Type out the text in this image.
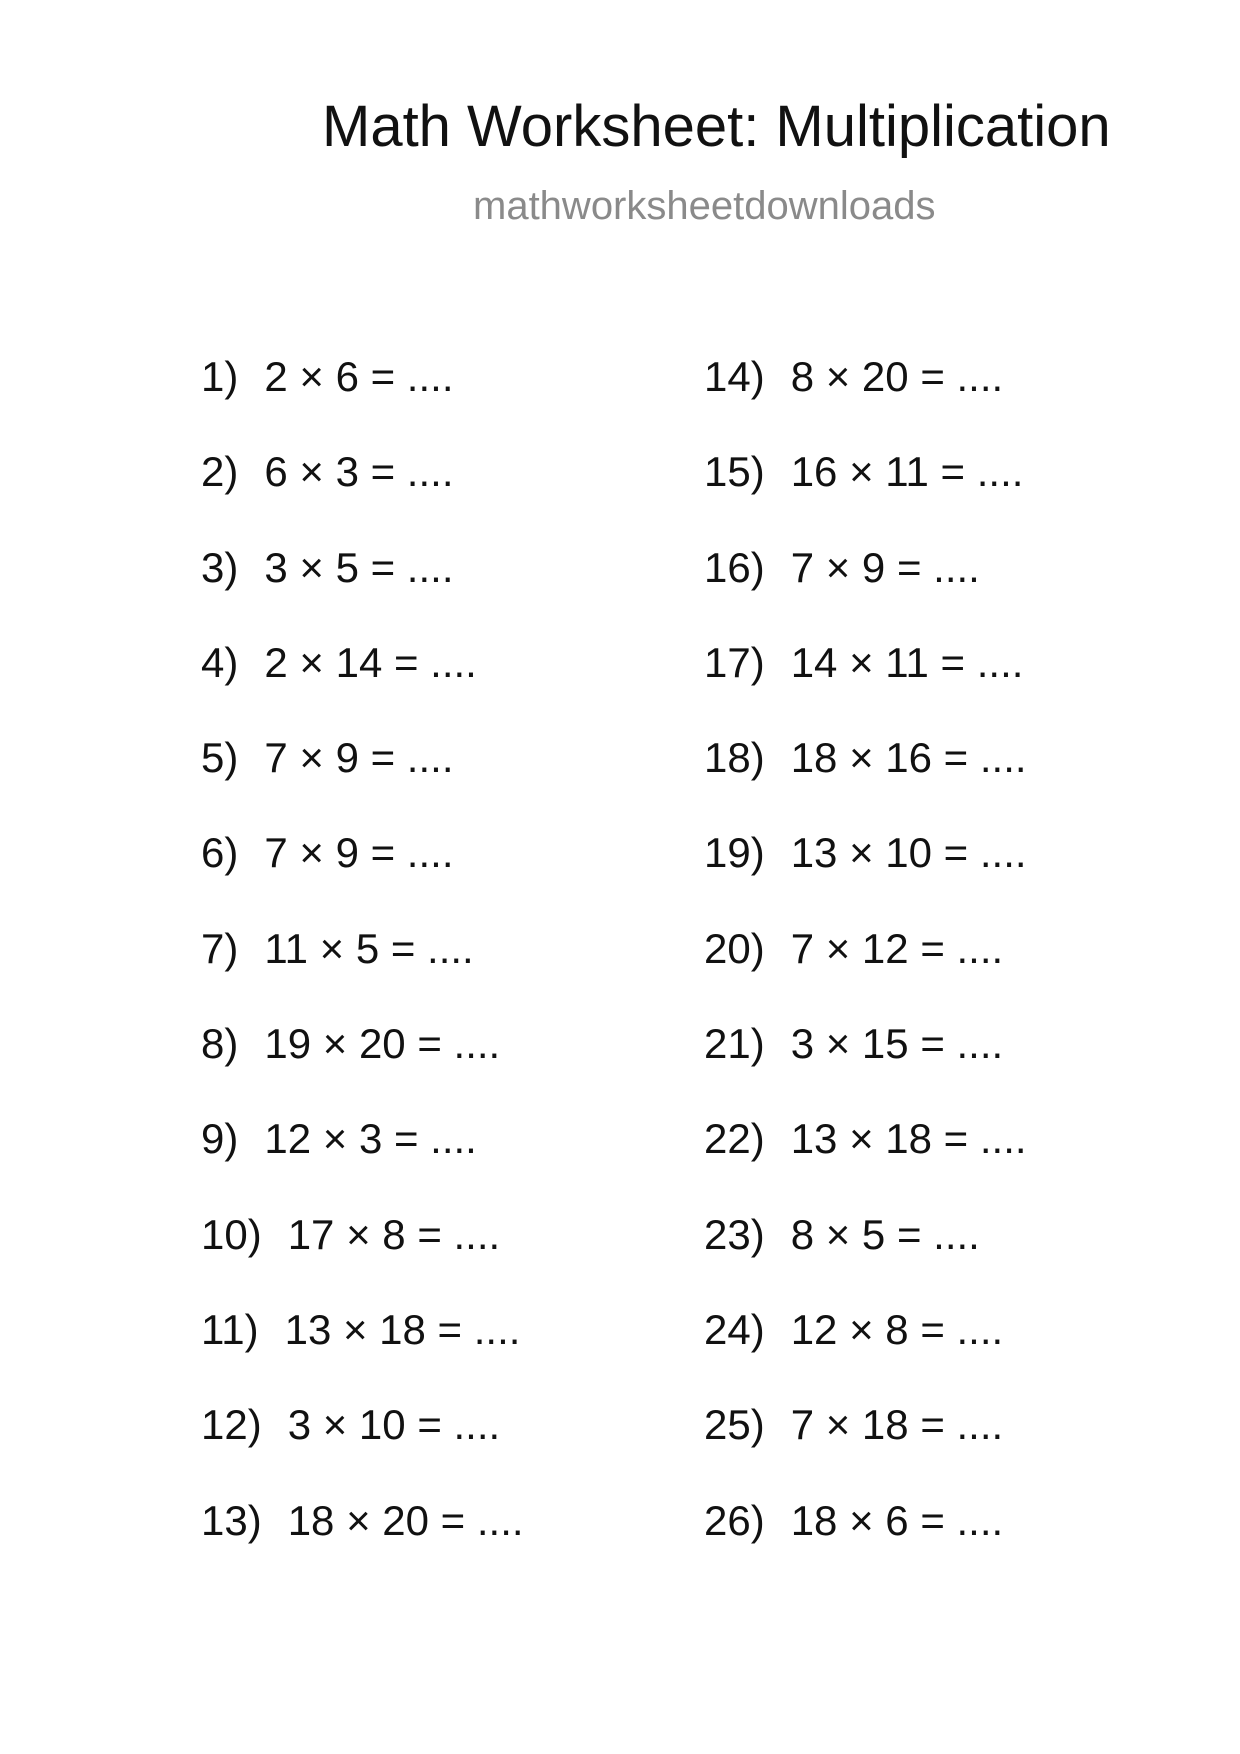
Math Worksheet: Multiplication
mathworksheetdownloads
1) 2 × 6 = ....
2) 6 × 3 = ....
3) 3 × 5 = ....
4) 2 × 14 = ....
5) 7 × 9 = ....
6) 7 × 9 = ....
7) 11 × 5 = ....
8) 19 × 20 = ....
9) 12 × 3 = ....
10) 17 × 8 = ....
11) 13 × 18 = ....
12) 3 × 10 = ....
13) 18 × 20 = ....
14) 8 × 20 = ....
15) 16 × 11 = ....
16) 7 × 9 = ....
17) 14 × 11 = ....
18) 18 × 16 = ....
19) 13 × 10 = ....
20) 7 × 12 = ....
21) 3 × 15 = ....
22) 13 × 18 = ....
23) 8 × 5 = ....
24) 12 × 8 = ....
25) 7 × 18 = ....
26) 18 × 6 = ....
